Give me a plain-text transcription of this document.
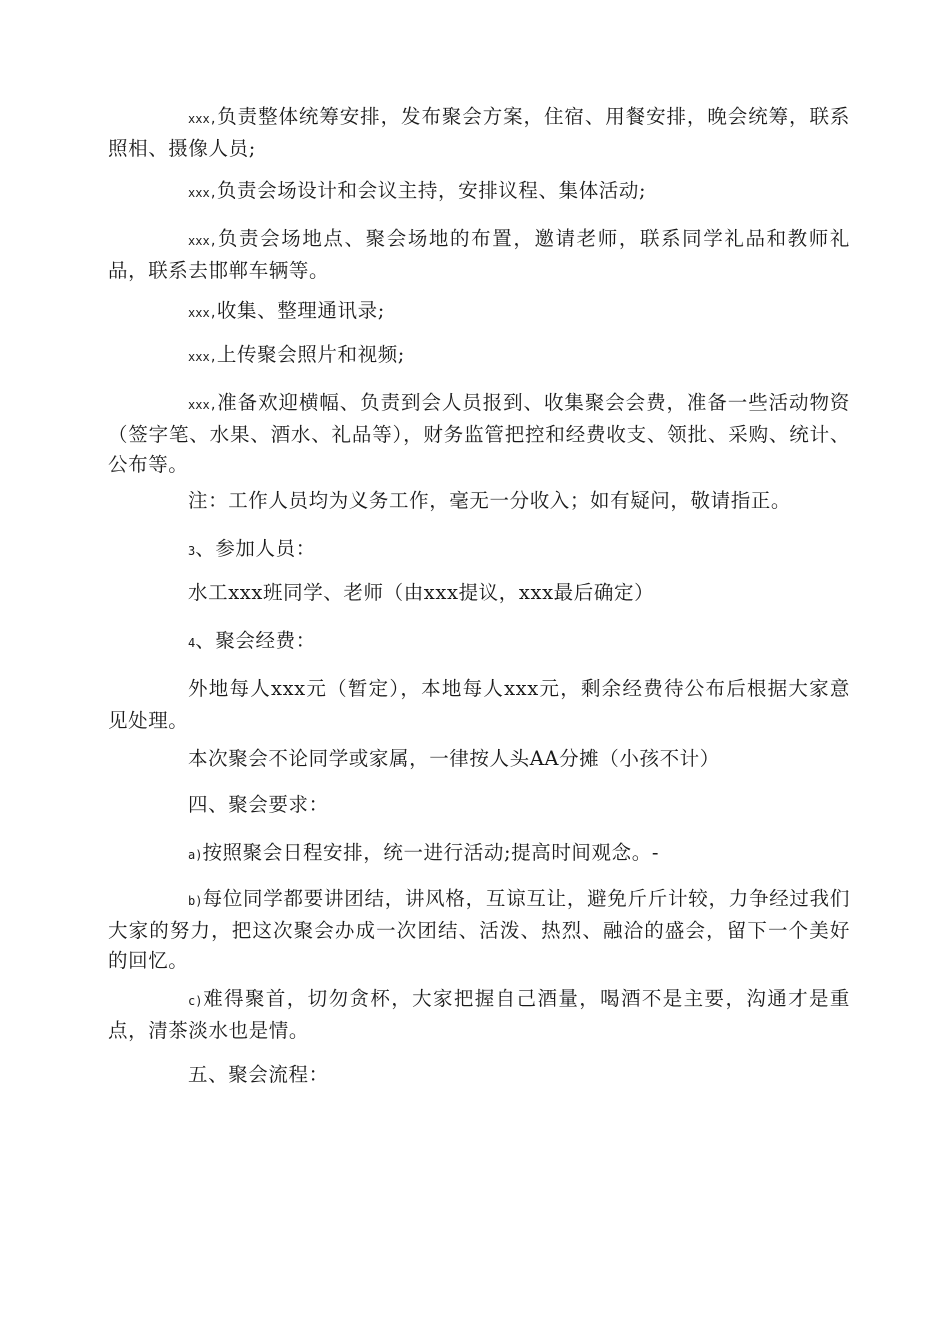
xxx,负责整体统筹安排，发布聚会方案，住宿、用餐安排，晚会统筹，联系照相、摄像人员;

xxx,负责会场设计和会议主持，安排议程、集体活动;

xxx,负责会场地点、聚会场地的布置，邀请老师，联系同学礼品和教师礼品，联系去邯郸车辆等。

xxx,收集、整理通讯录;

xxx,上传聚会照片和视频;

xxx,准备欢迎横幅、负责到会人员报到、收集聚会会费，准备一些活动物资（签字笔、水果、酒水、礼品等），财务监管把控和经费收支、领批、采购、统计、公布等。

注：工作人员均为义务工作，毫无一分收入；如有疑问，敬请指正。

3、参加人员：

水工xxx班同学、老师（由xxx提议，xxx最后确定）

4、聚会经费：

外地每人xxx元（暂定），本地每人xxx元，剩余经费待公布后根据大家意见处理。

本次聚会不论同学或家属，一律按人头AA分摊（小孩不计）

四、聚会要求：

a)按照聚会日程安排，统一进行活动;提高时间观念。-

b)每位同学都要讲团结，讲风格，互谅互让，避免斤斤计较，力争经过我们大家的努力，把这次聚会办成一次团结、活泼、热烈、融洽的盛会，留下一个美好的回忆。

c)难得聚首，切勿贪杯，大家把握自己酒量，喝酒不是主要，沟通才是重点，清茶淡水也是情。

五、聚会流程：
